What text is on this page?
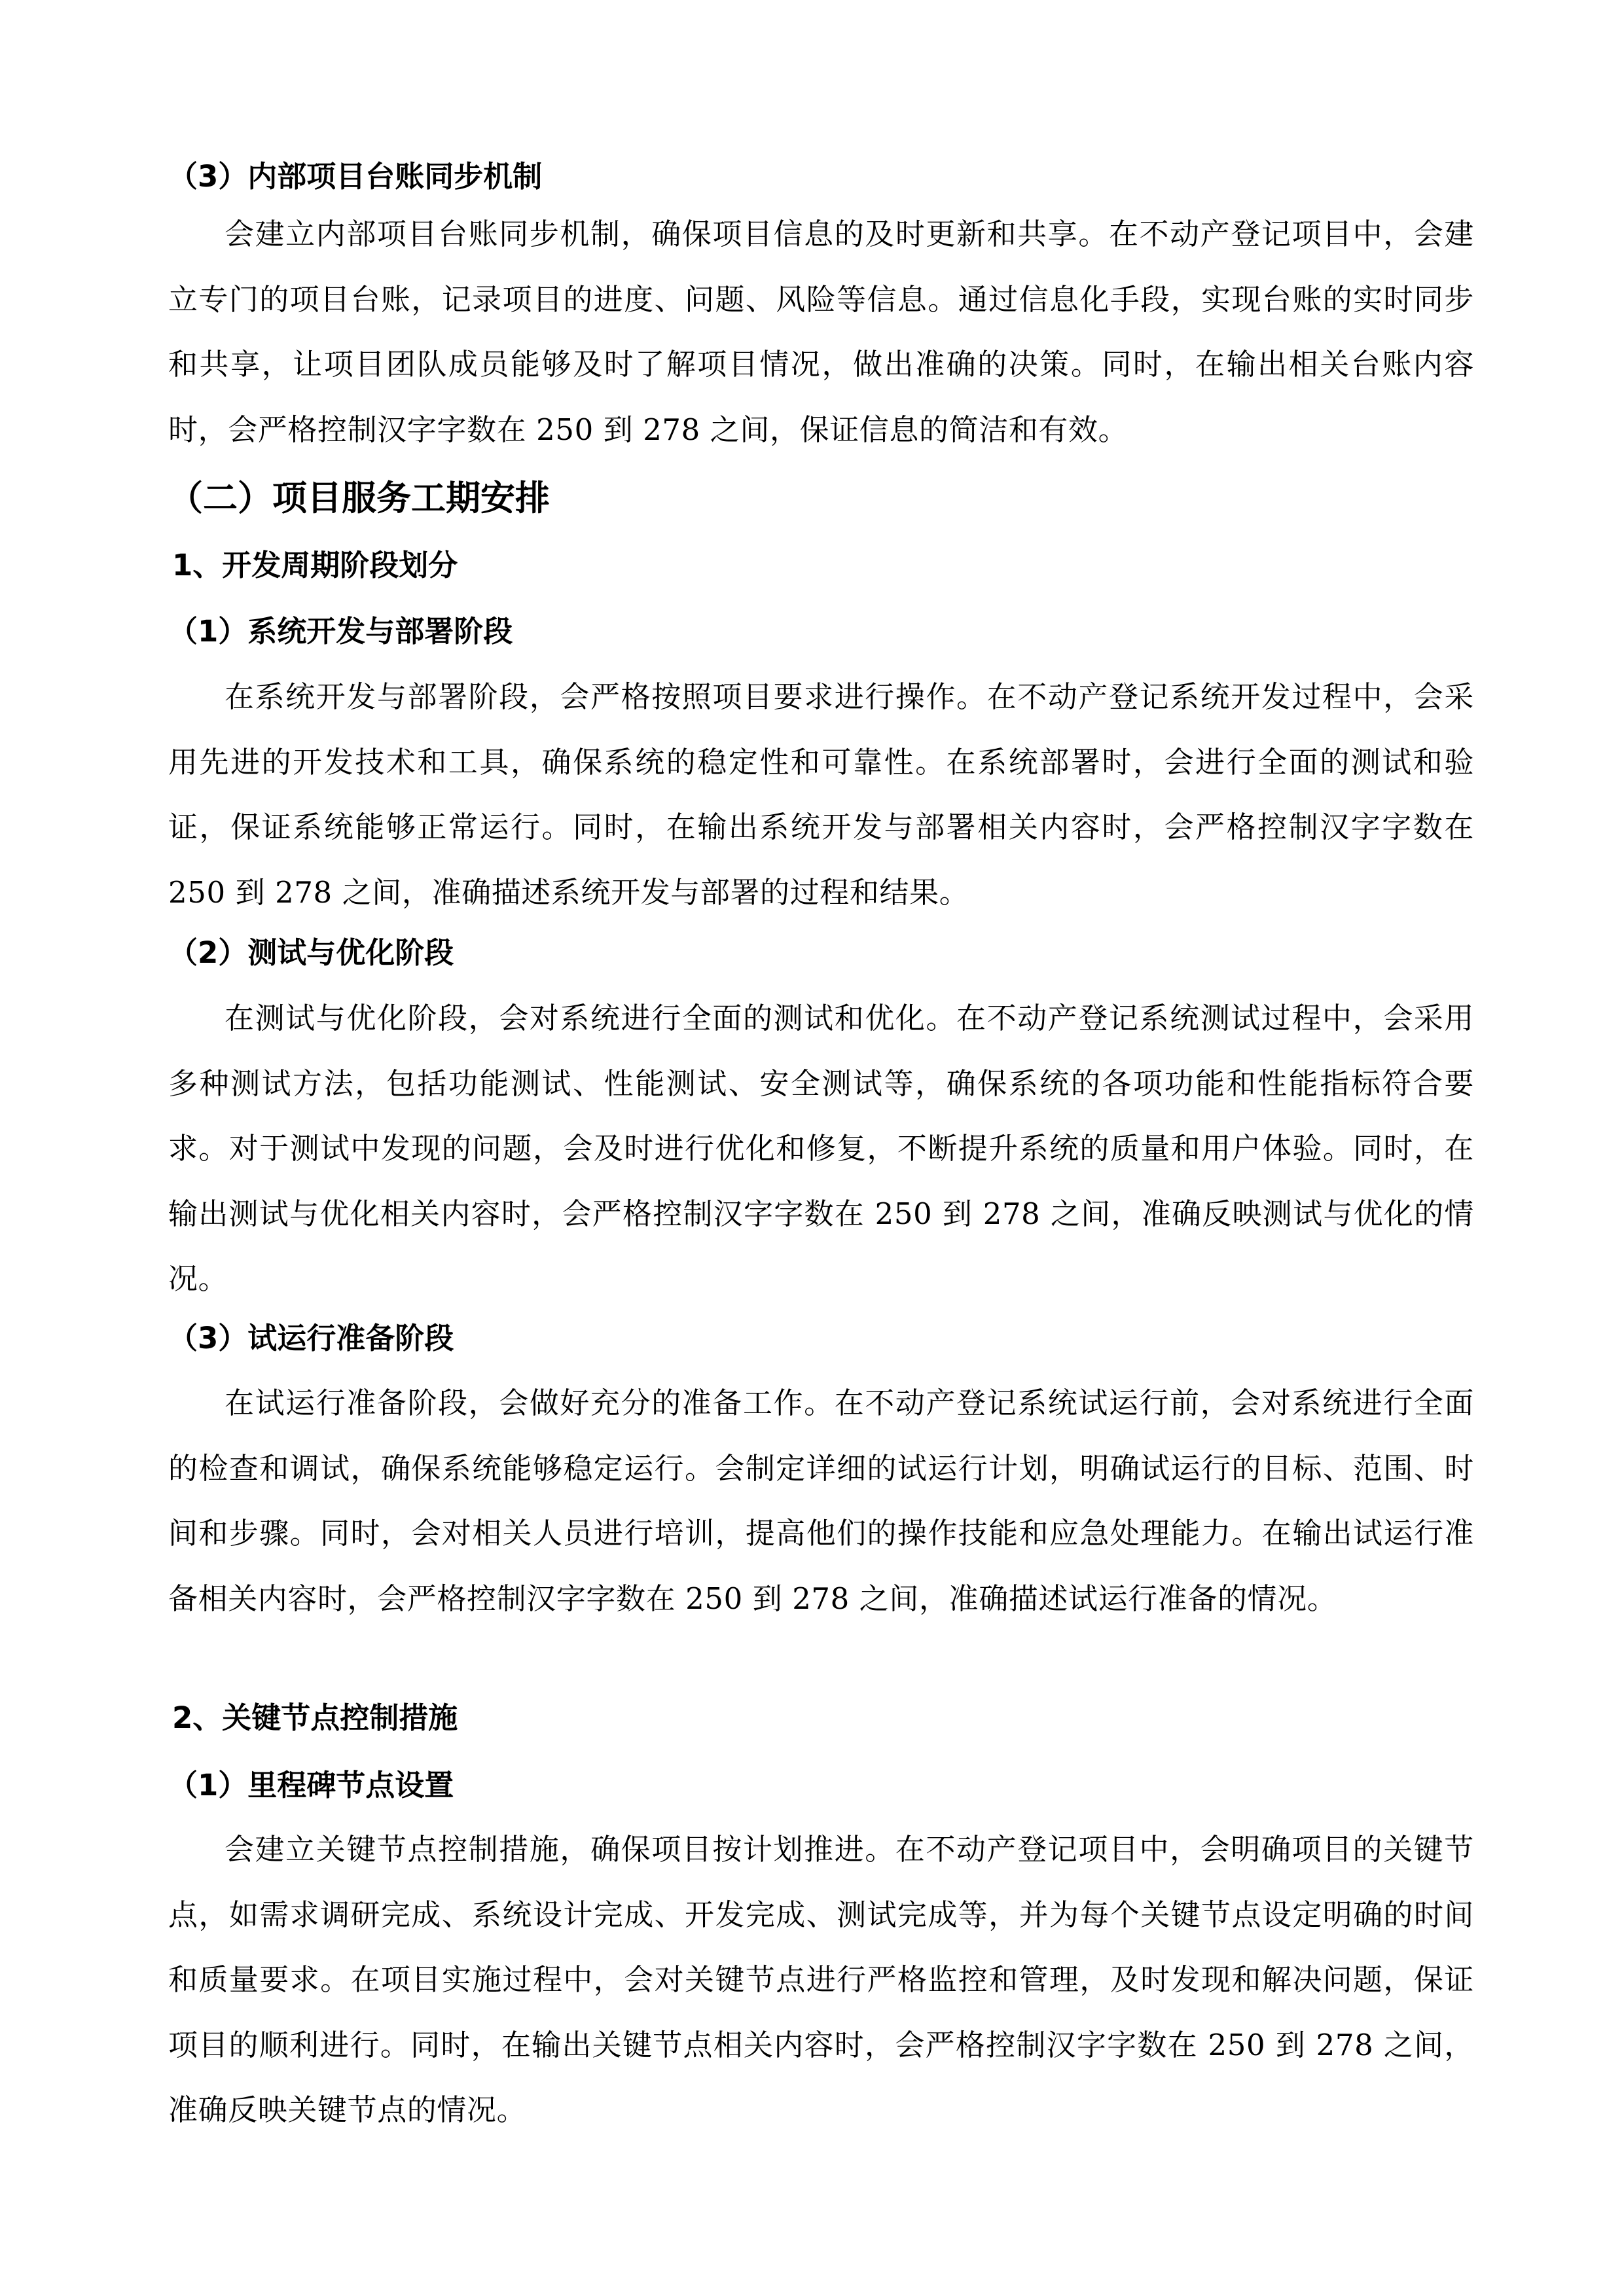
（3）内部项目台账同步机制

会建立内部项目台账同步机制，确保项目信息的及时更新和共享。在不动产登记项目中，会建立专门的项目台账，记录项目的进度、问题、风险等信息。通过信息化手段，实现台账的实时同步和共享，让项目团队成员能够及时了解项目情况，做出准确的决策。同时，在输出相关台账内容时，会严格控制汉字字数在 250 到 278 之间，保证信息的简洁和有效。

（二）项目服务工期安排
1、开发周期阶段划分
（1）系统开发与部署阶段

在系统开发与部署阶段，会严格按照项目要求进行操作。在不动产登记系统开发过程中，会采用先进的开发技术和工具，确保系统的稳定性和可靠性。在系统部署时，会进行全面的测试和验证，保证系统能够正常运行。同时，在输出系统开发与部署相关内容时，会严格控制汉字字数在 250 到 278 之间，准确描述系统开发与部署的过程和结果。

（2）测试与优化阶段

在测试与优化阶段，会对系统进行全面的测试和优化。在不动产登记系统测试过程中，会采用多种测试方法，包括功能测试、性能测试、安全测试等，确保系统的各项功能和性能指标符合要求。对于测试中发现的问题，会及时进行优化和修复，不断提升系统的质量和用户体验。同时，在输出测试与优化相关内容时，会严格控制汉字字数在 250 到 278 之间，准确反映测试与优化的情况。

（3）试运行准备阶段

在试运行准备阶段，会做好充分的准备工作。在不动产登记系统试运行前，会对系统进行全面的检查和调试，确保系统能够稳定运行。会制定详细的试运行计划，明确试运行的目标、范围、时间和步骤。同时，会对相关人员进行培训，提高他们的操作技能和应急处理能力。在输出试运行准备相关内容时，会严格控制汉字字数在 250 到 278 之间，准确描述试运行准备的情况。

2、关键节点控制措施
（1）里程碑节点设置

会建立关键节点控制措施，确保项目按计划推进。在不动产登记项目中，会明确项目的关键节点，如需求调研完成、系统设计完成、开发完成、测试完成等，并为每个关键节点设定明确的时间和质量要求。在项目实施过程中，会对关键节点进行严格监控和管理，及时发现和解决问题，保证项目的顺利进行。同时，在输出关键节点相关内容时，会严格控制汉字字数在 250 到 278 之间，准确反映关键节点的情况。
